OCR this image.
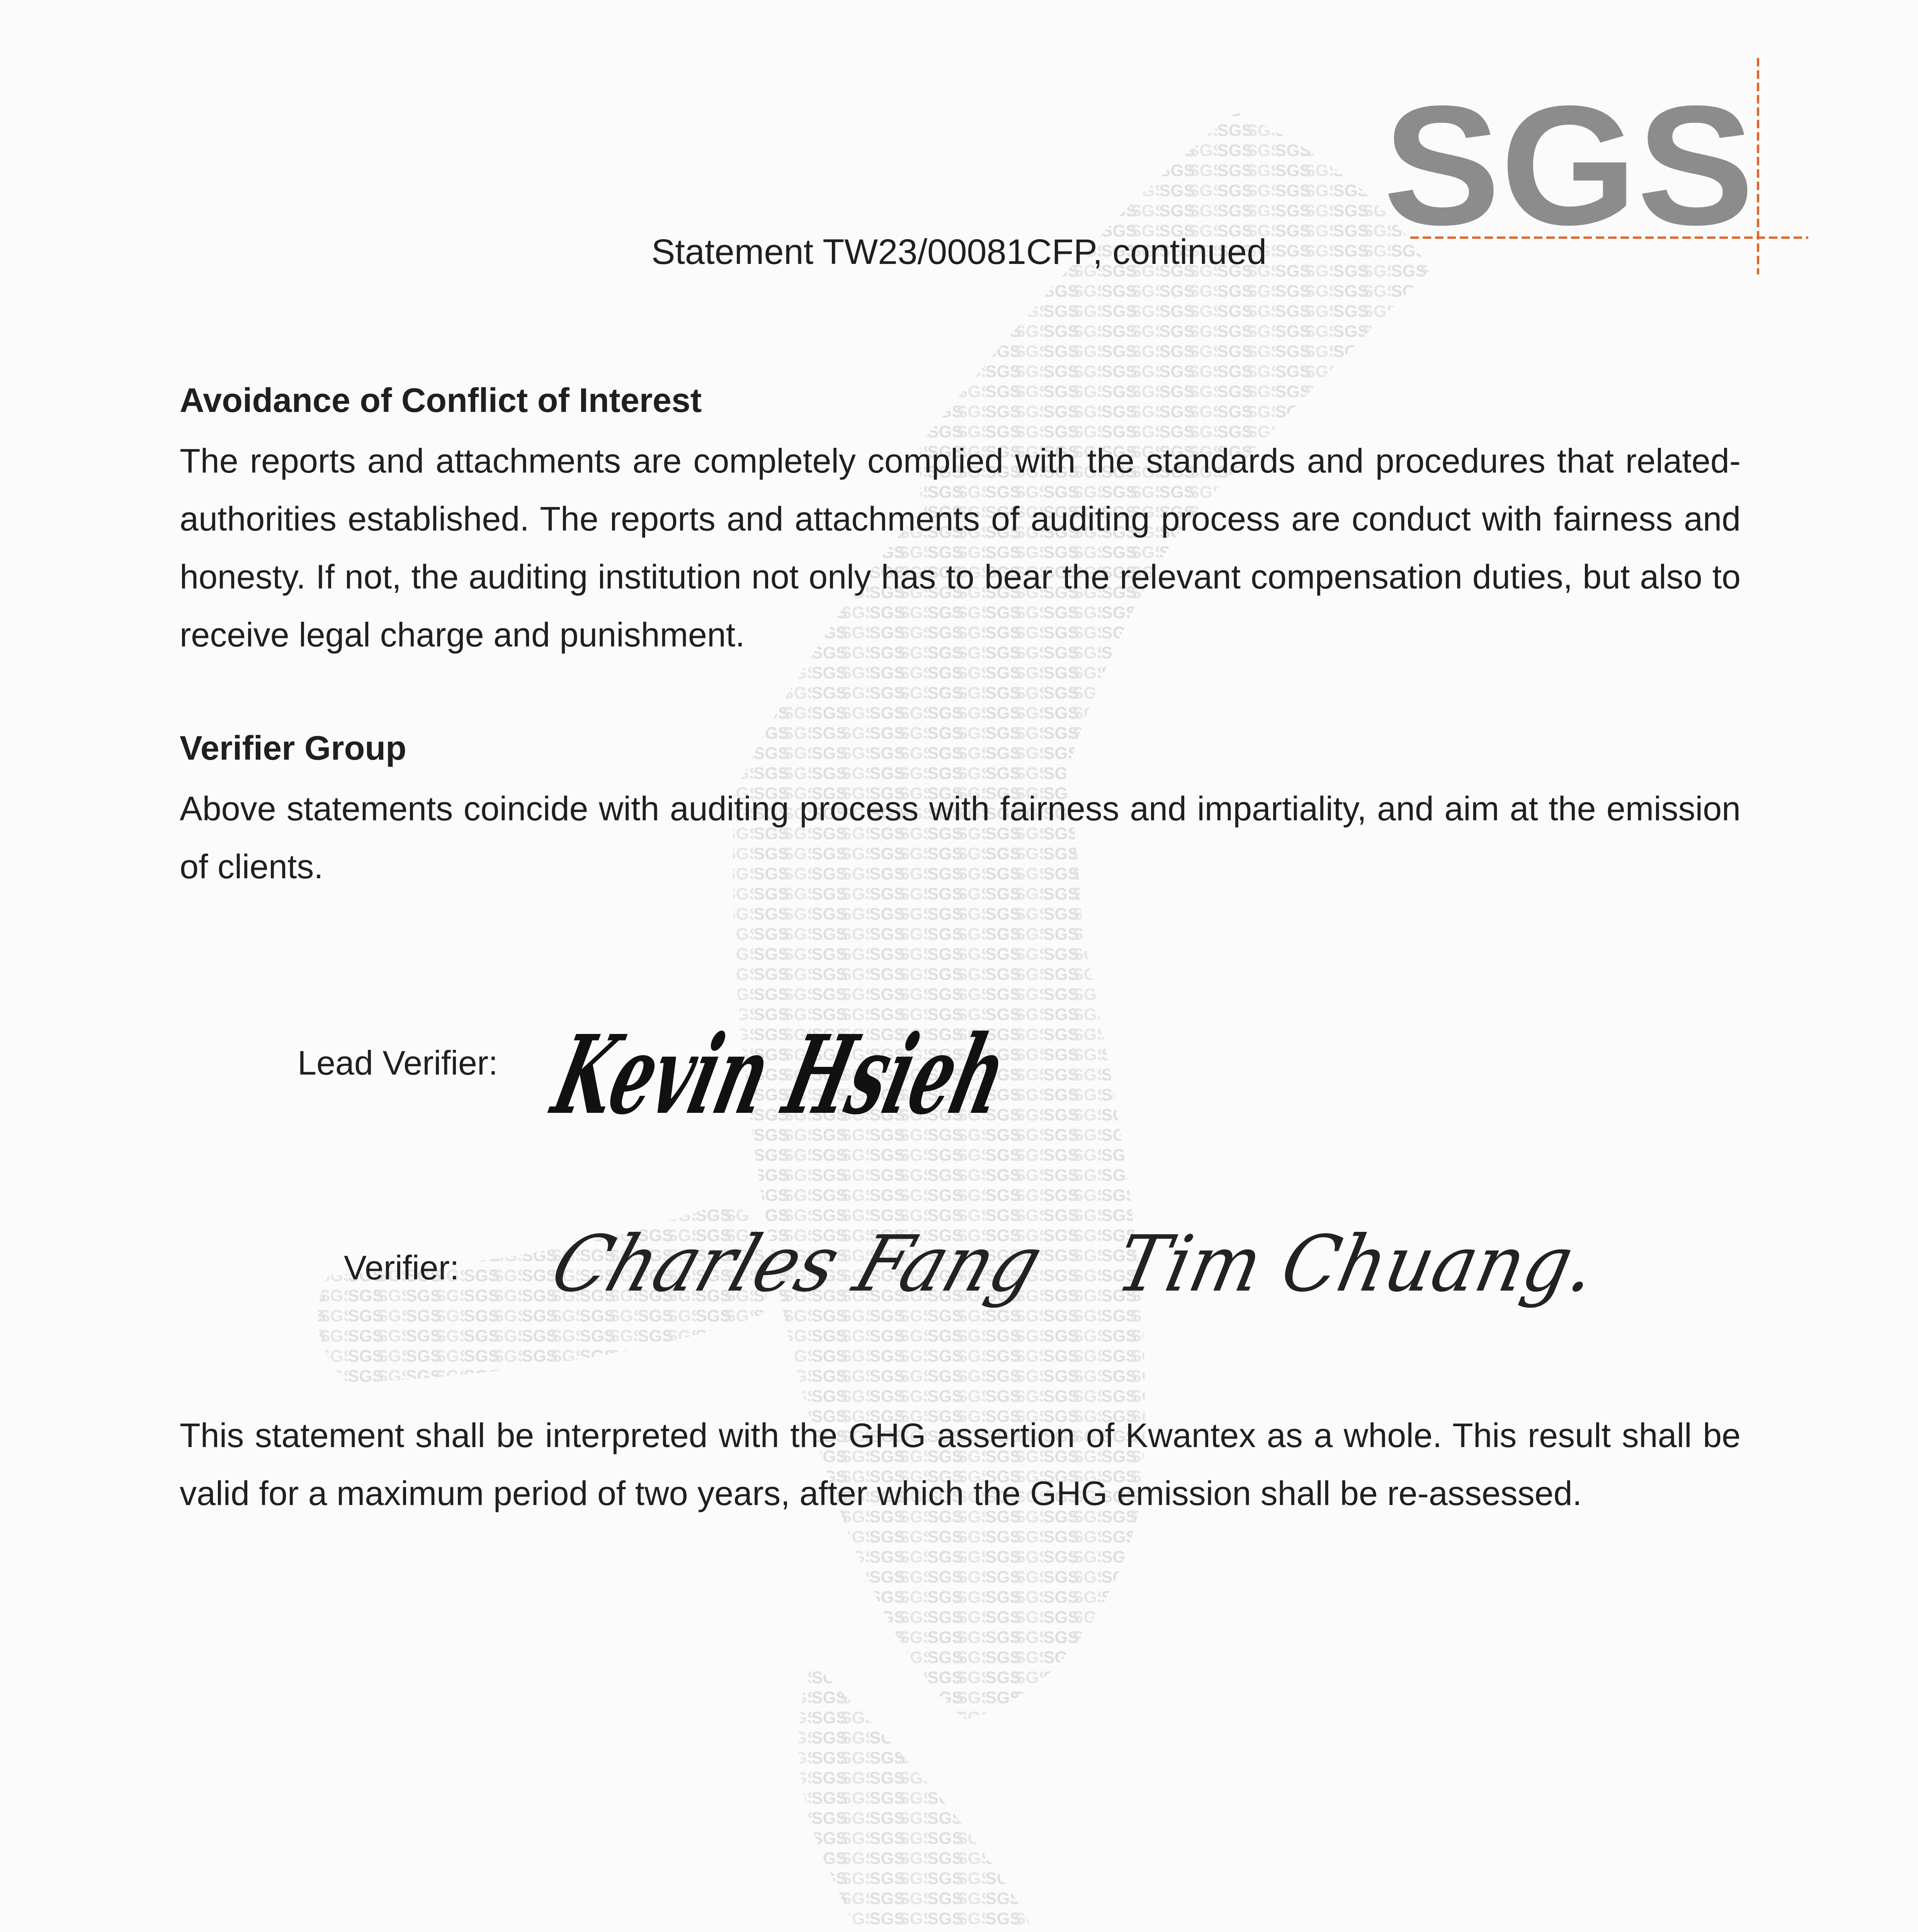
SGS
Statement TW23/00081CFP, continued
Avoidance of Conflict of Interest
The reports and attachments are completely complied with the standards and procedures that related-authorities established. The reports and attachments of auditing process are conduct with fairness and honesty. If not, the auditing institution not only has to bear the relevant compensation duties, but also to receive legal charge and punishment.
Verifier Group
Above statements coincide with auditing process with fairness and impartiality, and aim at the emission of clients.
Lead Verifier: Kevin Hsieh
Verifier: Charles Fang Tim Chuang.
This statement shall be interpreted with the GHG assertion of Kwantex as a whole. This result shall be valid for a maximum period of two years, after which the GHG emission shall be re-assessed.
